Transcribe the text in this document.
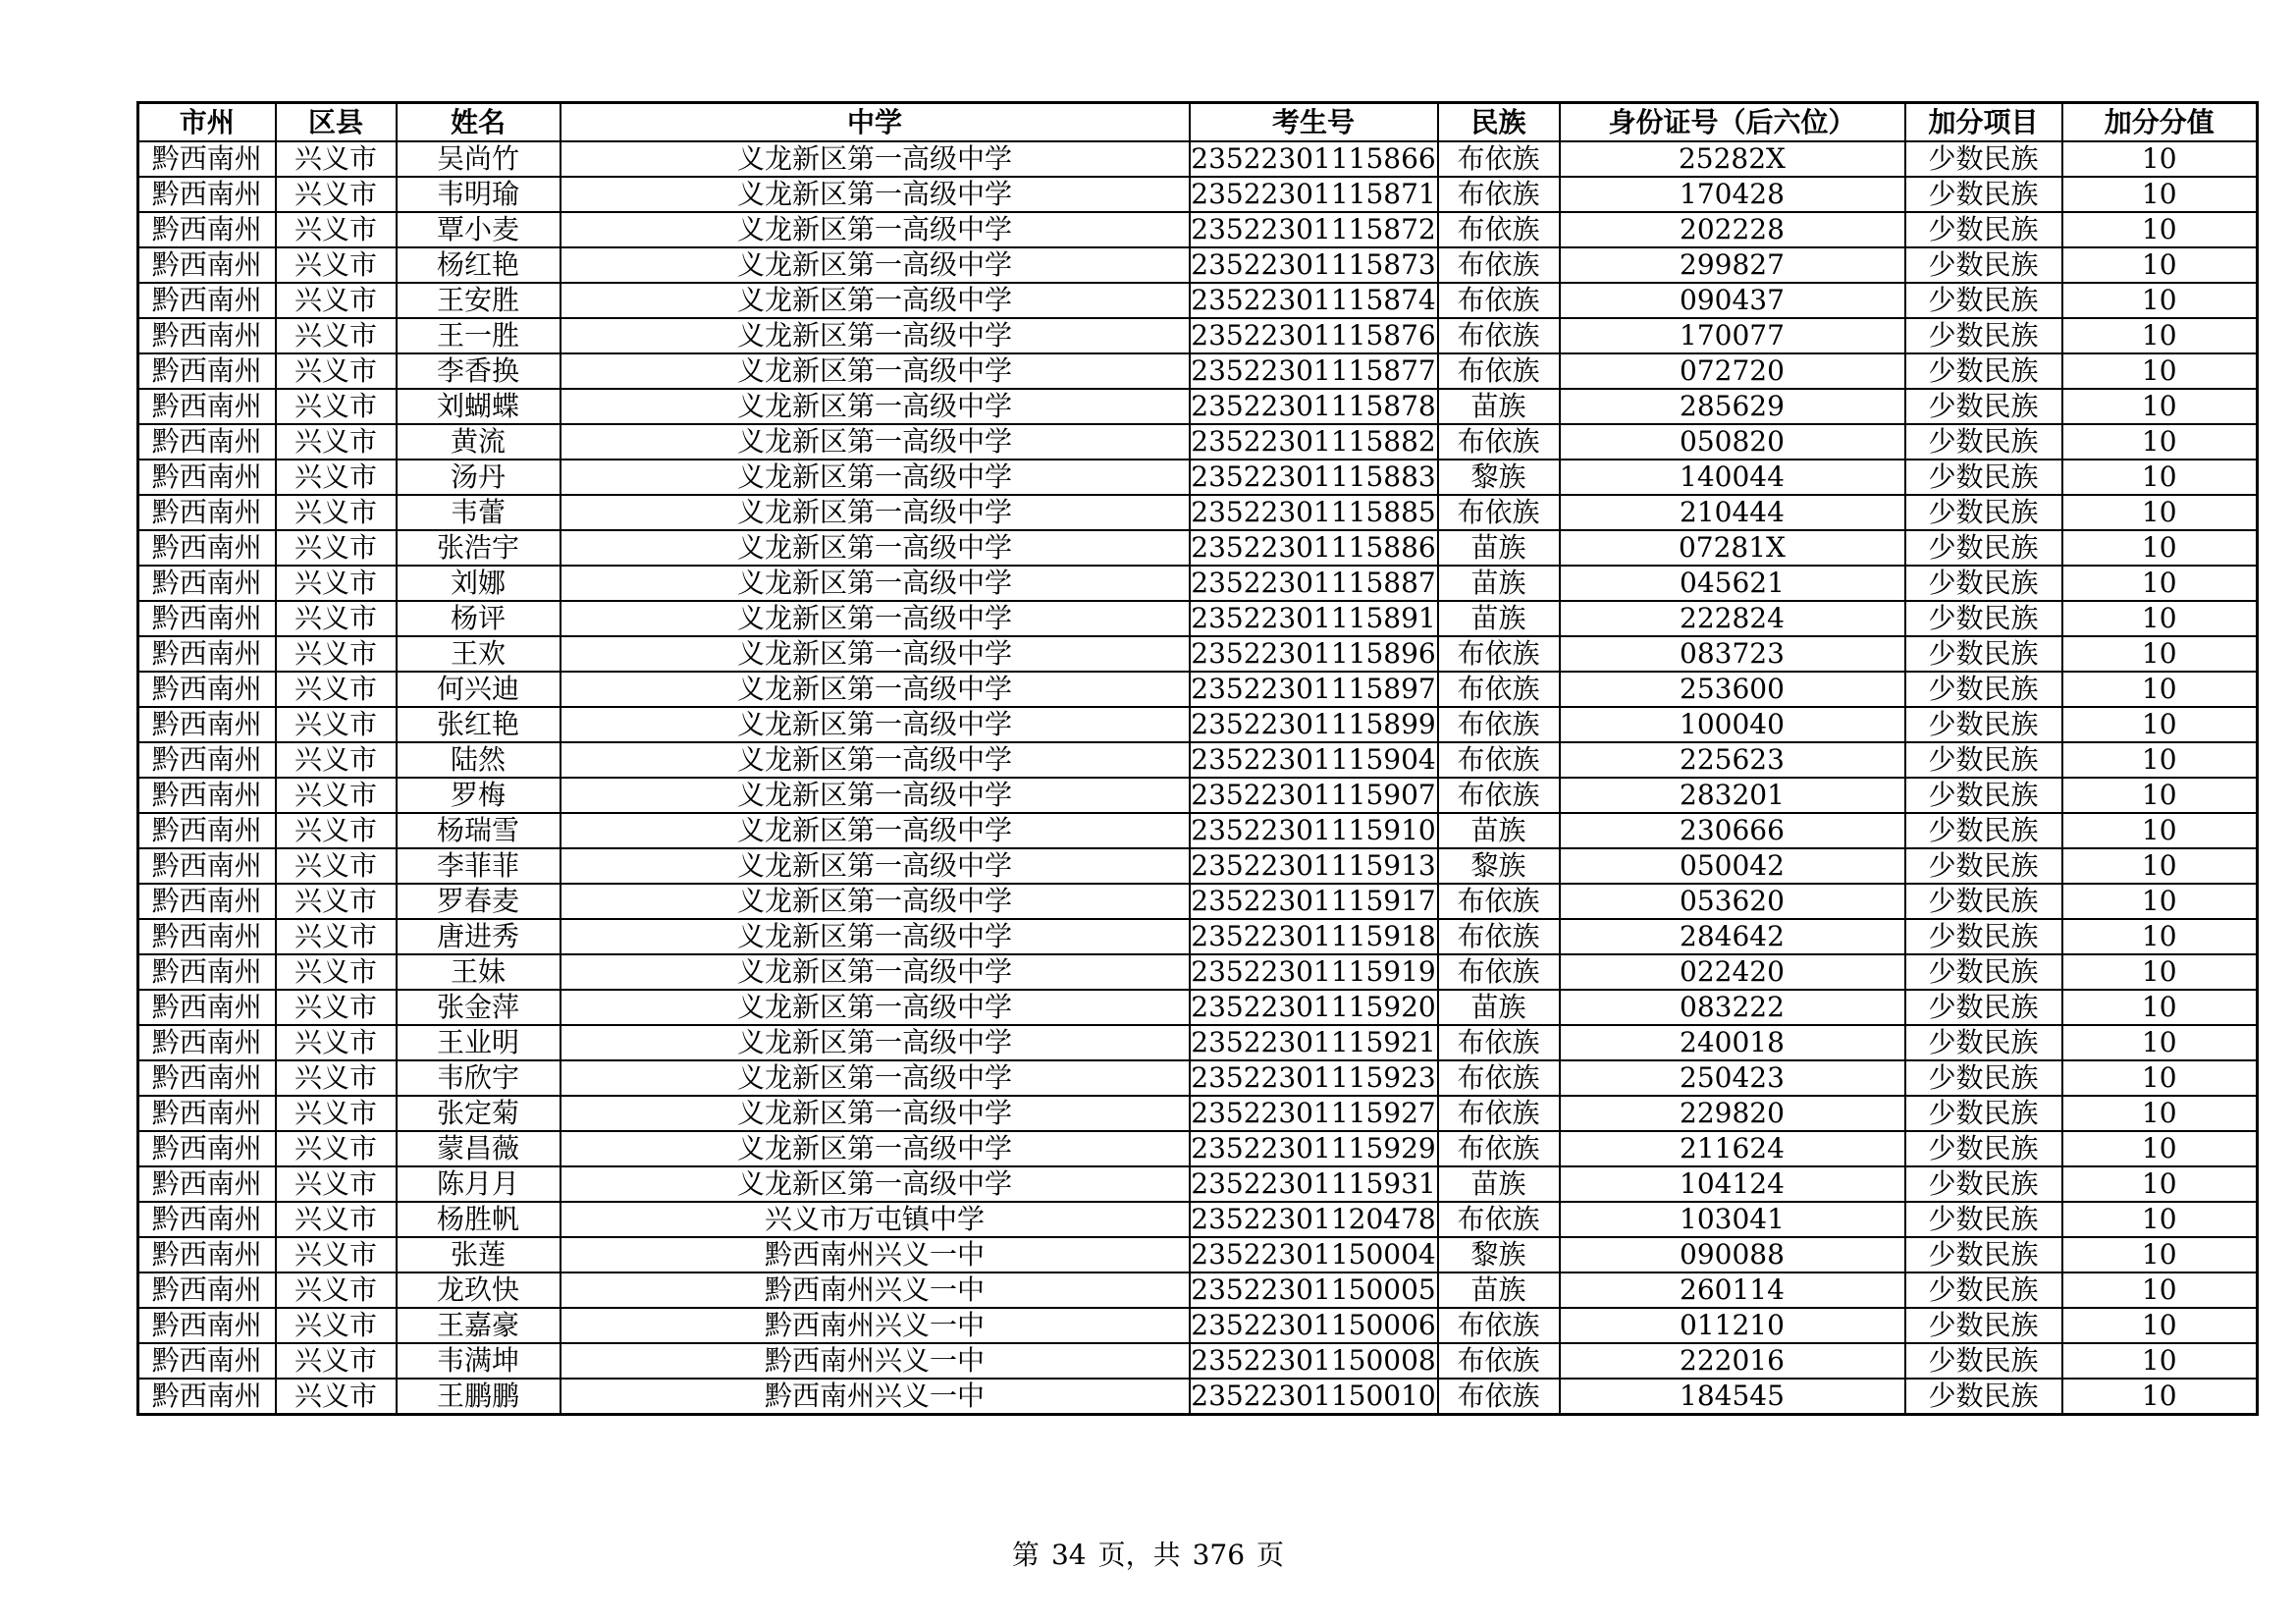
市州	区县	姓名	中学	考生号	民族	身份证号（后六位）	加分项目	加分分值
黔西南州	兴义市	吴尚竹	义龙新区第一高级中学	23522301115866	布依族	25282X	少数民族	10
黔西南州	兴义市	韦明瑜	义龙新区第一高级中学	23522301115871	布依族	170428	少数民族	10
黔西南州	兴义市	覃小麦	义龙新区第一高级中学	23522301115872	布依族	202228	少数民族	10
黔西南州	兴义市	杨红艳	义龙新区第一高级中学	23522301115873	布依族	299827	少数民族	10
黔西南州	兴义市	王安胜	义龙新区第一高级中学	23522301115874	布依族	090437	少数民族	10
黔西南州	兴义市	王一胜	义龙新区第一高级中学	23522301115876	布依族	170077	少数民族	10
黔西南州	兴义市	李香换	义龙新区第一高级中学	23522301115877	布依族	072720	少数民族	10
黔西南州	兴义市	刘蝴蝶	义龙新区第一高级中学	23522301115878	苗族	285629	少数民族	10
黔西南州	兴义市	黄流	义龙新区第一高级中学	23522301115882	布依族	050820	少数民族	10
黔西南州	兴义市	汤丹	义龙新区第一高级中学	23522301115883	黎族	140044	少数民族	10
黔西南州	兴义市	韦蕾	义龙新区第一高级中学	23522301115885	布依族	210444	少数民族	10
黔西南州	兴义市	张浩宇	义龙新区第一高级中学	23522301115886	苗族	07281X	少数民族	10
黔西南州	兴义市	刘娜	义龙新区第一高级中学	23522301115887	苗族	045621	少数民族	10
黔西南州	兴义市	杨评	义龙新区第一高级中学	23522301115891	苗族	222824	少数民族	10
黔西南州	兴义市	王欢	义龙新区第一高级中学	23522301115896	布依族	083723	少数民族	10
黔西南州	兴义市	何兴迪	义龙新区第一高级中学	23522301115897	布依族	253600	少数民族	10
黔西南州	兴义市	张红艳	义龙新区第一高级中学	23522301115899	布依族	100040	少数民族	10
黔西南州	兴义市	陆然	义龙新区第一高级中学	23522301115904	布依族	225623	少数民族	10
黔西南州	兴义市	罗梅	义龙新区第一高级中学	23522301115907	布依族	283201	少数民族	10
黔西南州	兴义市	杨瑞雪	义龙新区第一高级中学	23522301115910	苗族	230666	少数民族	10
黔西南州	兴义市	李菲菲	义龙新区第一高级中学	23522301115913	黎族	050042	少数民族	10
黔西南州	兴义市	罗春麦	义龙新区第一高级中学	23522301115917	布依族	053620	少数民族	10
黔西南州	兴义市	唐进秀	义龙新区第一高级中学	23522301115918	布依族	284642	少数民族	10
黔西南州	兴义市	王妹	义龙新区第一高级中学	23522301115919	布依族	022420	少数民族	10
黔西南州	兴义市	张金萍	义龙新区第一高级中学	23522301115920	苗族	083222	少数民族	10
黔西南州	兴义市	王业明	义龙新区第一高级中学	23522301115921	布依族	240018	少数民族	10
黔西南州	兴义市	韦欣宇	义龙新区第一高级中学	23522301115923	布依族	250423	少数民族	10
黔西南州	兴义市	张定菊	义龙新区第一高级中学	23522301115927	布依族	229820	少数民族	10
黔西南州	兴义市	蒙昌薇	义龙新区第一高级中学	23522301115929	布依族	211624	少数民族	10
黔西南州	兴义市	陈月月	义龙新区第一高级中学	23522301115931	苗族	104124	少数民族	10
黔西南州	兴义市	杨胜帆	兴义市万屯镇中学	23522301120478	布依族	103041	少数民族	10
黔西南州	兴义市	张莲	黔西南州兴义一中	23522301150004	黎族	090088	少数民族	10
黔西南州	兴义市	龙玖快	黔西南州兴义一中	23522301150005	苗族	260114	少数民族	10
黔西南州	兴义市	王嘉豪	黔西南州兴义一中	23522301150006	布依族	011210	少数民族	10
黔西南州	兴义市	韦满坤	黔西南州兴义一中	23522301150008	布依族	222016	少数民族	10
黔西南州	兴义市	王鹏鹏	黔西南州兴义一中	23522301150010	布依族	184545	少数民族	10
第 34 页，共 376 页
